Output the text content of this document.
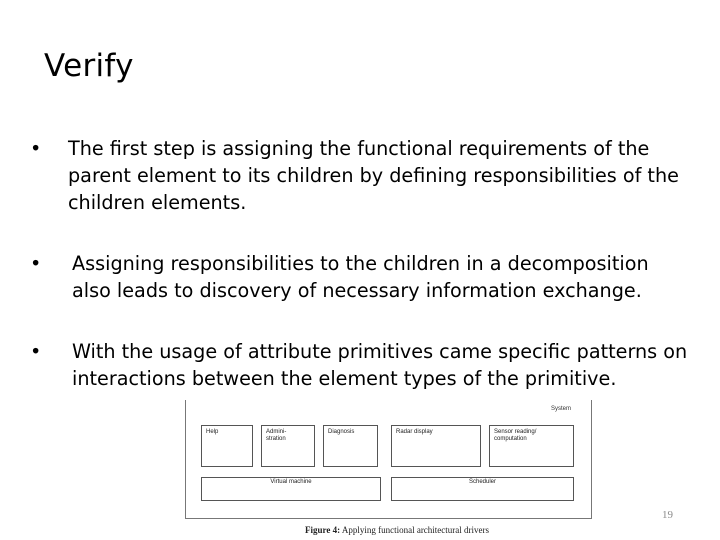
Verify
•	The first step is assigning the functional requirements of the parent element to its children by defining responsibilities of the children elements.
•	Assigning responsibilities to the children in a decomposition also leads to discovery of necessary information exchange.
•	With the usage of attribute primitives came specific patterns on interactions between the element types of the primitive.
System
Help	Admini-
stration
Diagnosis	Radar display	Sensor reading/
computation
Virtual machine	Scheduler
Figure 4: Applying functional architectural drivers
19
